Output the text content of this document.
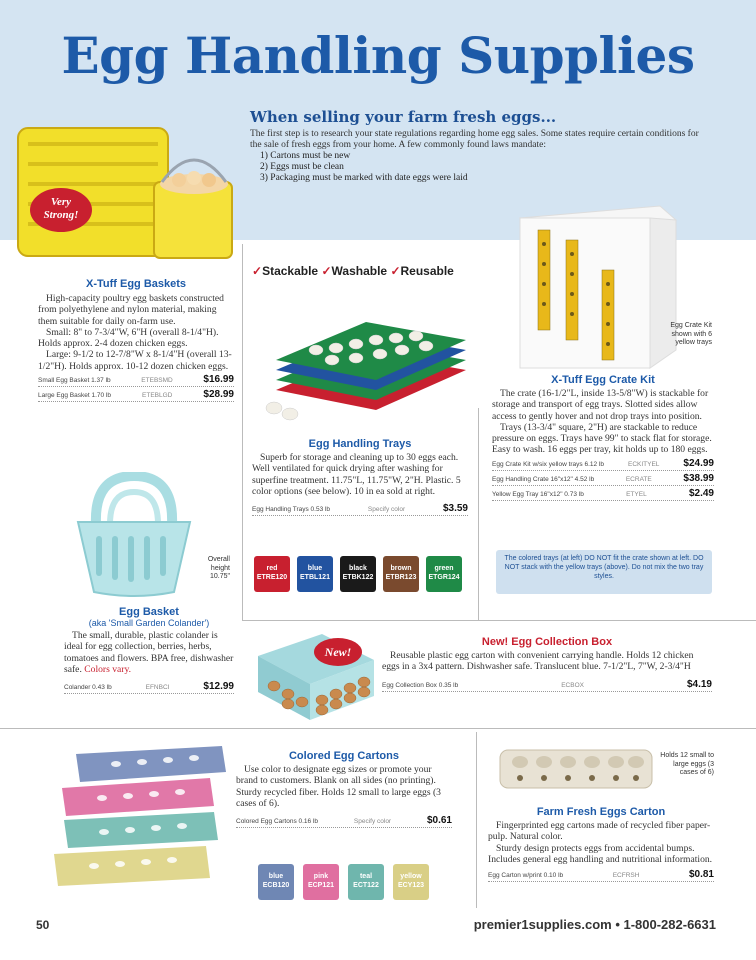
Egg Handling Supplies
When selling your farm fresh eggs...

The first step is to research your state regulations regarding home egg sales. Some states require certain conditions for the sale of fresh eggs from your home. A few commonly found laws mandate:

1) Cartons must be new
2) Eggs must be clean
3) Packaging must be marked with date eggs were laid
Very
Strong!
X-Tuff Egg Baskets

High-capacity poultry egg baskets constructed from polyethylene and nylon material, making them suitable for daily on-farm use.

Small: 8" to 7-3/4"W, 6"H (overall 8-1/4"H). Holds approx. 2-4 dozen chicken eggs.

Large: 9-1/2 to 12-7/8"W x 8-1/4"H (overall 13-1/2"H). Holds approx. 10-12 dozen chicken eggs.

Small Egg Basket 1.37 lb	ETEBSMD	$16.99
Large Egg Basket 1.70 lb	ETEBLGD	$28.99
Overall height 10.75"
Egg Basket
(aka 'Small Garden Colander')

The small, durable, plastic colander is ideal for egg collection, berries, herbs, tomatoes and flowers. BPA free, dishwasher safe. Colors vary.

Colander 0.43 lb	EFNBCI	$12.99
✓Stackable ✓Washable ✓Reusable
Egg Handling Trays

Superb for storage and cleaning up to 30 eggs each. Well ventilated for quick drying after washing for superfine treatment. 11.75"L, 11.75"W, 2"H. Plastic. 5 color options (see below). 10 in ea sold at right.

Egg Handling Trays 0.53 lb	Specify color	$3.59
red
ETRE120
blue
ETBL121
black
ETBK122
brown
ETBR123
green
ETGR124
Egg Crate Kit shown with 6 yellow trays
X-Tuff Egg Crate Kit

The crate (16-1/2"L, inside 13-5/8"W) is stackable for storage and transport of egg trays. Slotted sides allow access to gently hover and not drop trays into position.

Trays (13-3/4" square, 2"H) are stackable to reduce pressure on eggs. Trays have 99" to stack flat for storage. Easy to wash. 16 eggs per tray, kit holds up to 180 eggs.

Egg Crate Kit w/six yellow trays 6.12 lb	ECKITYEL $24.99
Egg Handling Crate 16"x12" 4.52 lb	ECRATE	$38.99
Yellow Egg Tray 16"x12" 0.73 lb	ETYEL	$2.49
The colored trays (at left) DO NOT fit the crate shown at left. DO NOT stack with the yellow trays (above). Do not mix the two tray styles.
New!
New! Egg Collection Box

Reusable plastic egg carton with convenient carrying handle. Holds 12 chicken eggs in a 3x4 pattern. Dishwasher safe. Translucent blue. 7-1/2"L, 7"W, 2-3/4"H

Egg Collection Box 0.35 lb	ECBOX	$4.19
Colored Egg Cartons

Use color to designate egg sizes or promote your brand to customers. Blank on all sides (no printing). Sturdy recycled fiber. Holds 12 small to large eggs (3 cases of 6).

Colored Egg Cartons 0.16 lb	Specify color	$0.61
blue
ECB120
pink
ECP121
teal
ECT122
yellow
ECY123
Holds 12 small to large eggs (3 cases of 6)
Farm Fresh Eggs Carton

Fingerprinted egg cartons made of recycled fiber paper-pulp. Natural color.

Sturdy design protects eggs from accidental bumps. Includes general egg handling and nutritional information.

Egg Carton w/print 0.10 lb	ECFRSH	$0.81
50	premier1supplies.com • 1-800-282-6631
